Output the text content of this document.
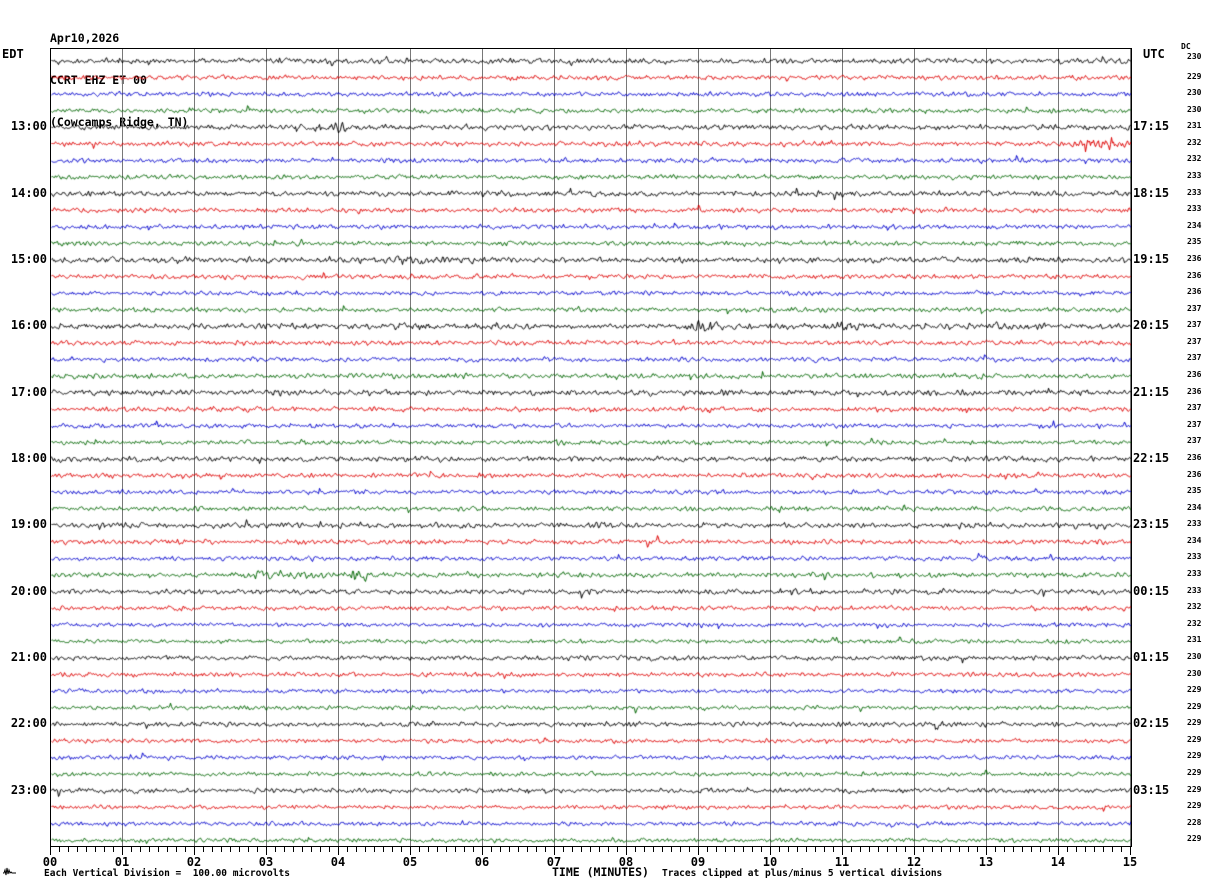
Apr10,2026

EDT	UTC
DC
13:00
14:00
15:00
16:00
17:00
18:00
19:00
20:00
21:00
22:00
23:00
17:15
18:15
19:15
20:15
21:15
22:15
23:15
00:15
01:15
02:15
03:15
230
229
230
230
231
232
232
233
233
233
234
235
236
236
236
237
237
237
237
236
236
237
237
237
236
236
235
234
233
234
233
233
233
232
232
231
230
230
229
229
229
229
229
229
229
229
228
229
00	01	02	03	04	05	06	07	08	09	10	11	12	13	14	15
TIME (MINUTES)
Each Vertical Division =  100.00 microvolts	Traces clipped at plus/minus 5 vertical divisions
